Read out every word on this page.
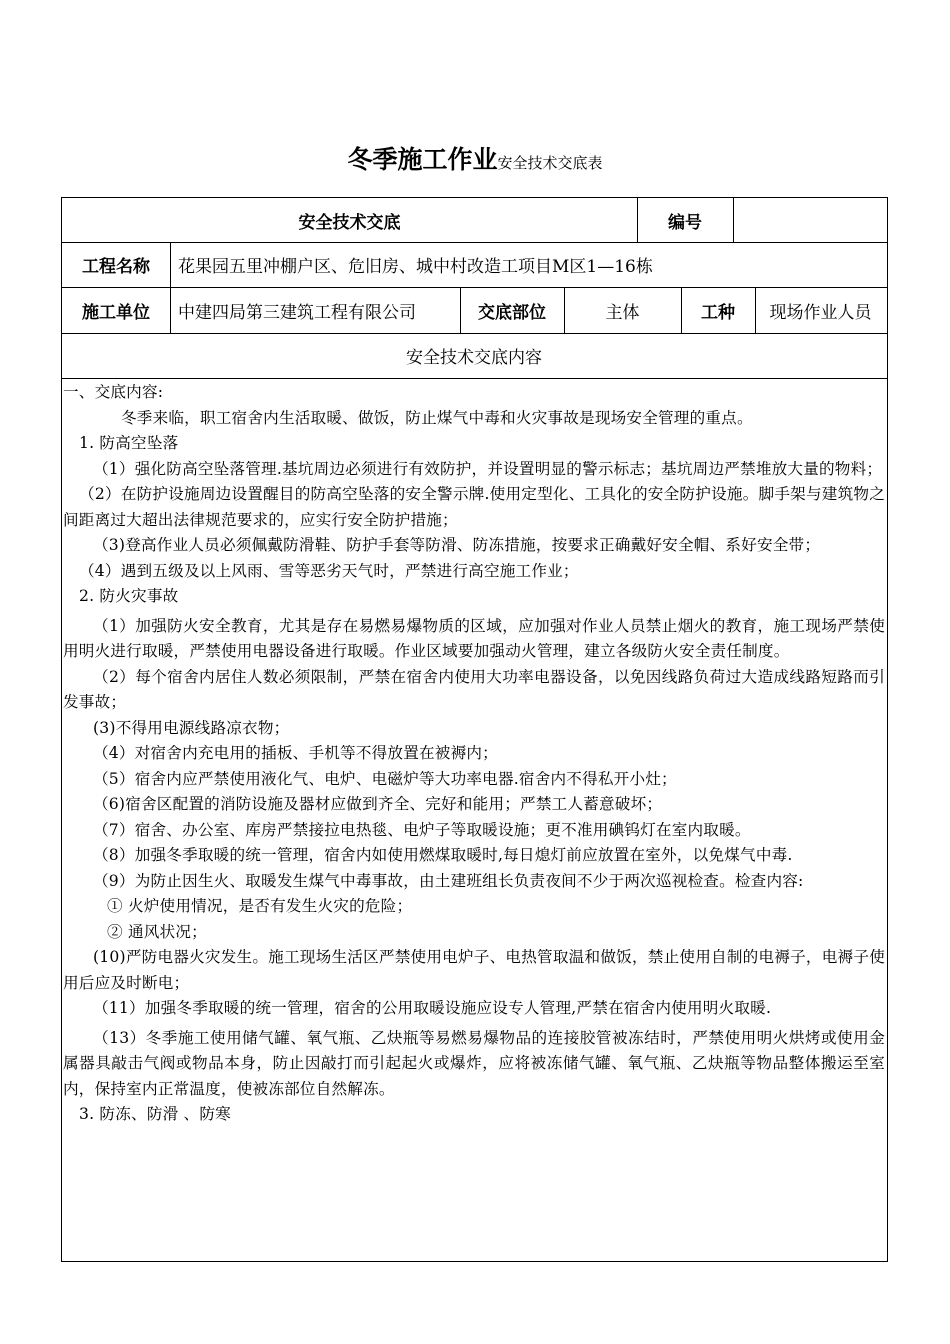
冬季施工作业安全技术交底表
安全技术交底	编号
工程名称	花果园五里冲棚户区、危旧房、城中村改造工项目M区1—16栋
施工单位	中建四局第三建筑工程有限公司	交底部位	主体	工种	现场作业人员
安全技术交底内容

一、交底内容:

冬季来临，职工宿舍内生活取暖、做饭，防止煤气中毒和火灾事故是现场安全管理的重点。

1. 防高空坠落

（1）强化防高空坠落管理.基坑周边必须进行有效防护，并设置明显的警示标志；基坑周边严禁堆放大量的物料；

（2）在防护设施周边设置醒目的防高空坠落的安全警示牌.使用定型化、工具化的安全防护设施。脚手架与建筑物之间距离过大超出法律规范要求的，应实行安全防护措施；

（3)登高作业人员必须佩戴防滑鞋、防护手套等防滑、防冻措施，按要求正确戴好安全帽、系好安全带；

（4）遇到五级及以上风雨、雪等恶劣天气时，严禁进行高空施工作业；

2. 防火灾事故

（1）加强防火安全教育，尤其是存在易燃易爆物质的区域，应加强对作业人员禁止烟火的教育，施工现场严禁使用明火进行取暖，严禁使用电器设备进行取暖。作业区域要加强动火管理，建立各级防火安全责任制度。

（2）每个宿舍内居住人数必须限制，严禁在宿舍内使用大功率电器设备，以免因线路负荷过大造成线路短路而引发事故；

(3)不得用电源线路凉衣物；

（4）对宿舍内充电用的插板、手机等不得放置在被褥内；

（5）宿舍内应严禁使用液化气、电炉、电磁炉等大功率电器.宿舍内不得私开小灶；

（6)宿舍区配置的消防设施及器材应做到齐全、完好和能用；严禁工人蓄意破坏；

（7）宿舍、办公室、库房严禁接拉电热毯、电炉子等取暖设施；更不准用碘钨灯在室内取暖。

（8）加强冬季取暖的统一管理，宿舍内如使用燃煤取暖时,每日熄灯前应放置在室外，以免煤气中毒.

（9）为防止因生火、取暖发生煤气中毒事故，由土建班组长负责夜间不少于两次巡视检查。检查内容:

① 火炉使用情况，是否有发生火灾的危险；

② 通风状况；

(10)严防电器火灾发生。施工现场生活区严禁使用电炉子、电热管取温和做饭，禁止使用自制的电褥子，电褥子使用后应及时断电；

（11）加强冬季取暖的统一管理，宿舍的公用取暖设施应设专人管理,严禁在宿舍内使用明火取暖.

（13）冬季施工使用储气罐、氧气瓶、乙炔瓶等易燃易爆物品的连接胶管被冻结时，严禁使用明火烘烤或使用金属器具敲击气阀或物品本身，防止因敲打而引起起火或爆炸，应将被冻储气罐、氧气瓶、乙炔瓶等物品整体搬运至室内，保持室内正常温度，使被冻部位自然解冻。

3. 防冻、防滑 、防寒
